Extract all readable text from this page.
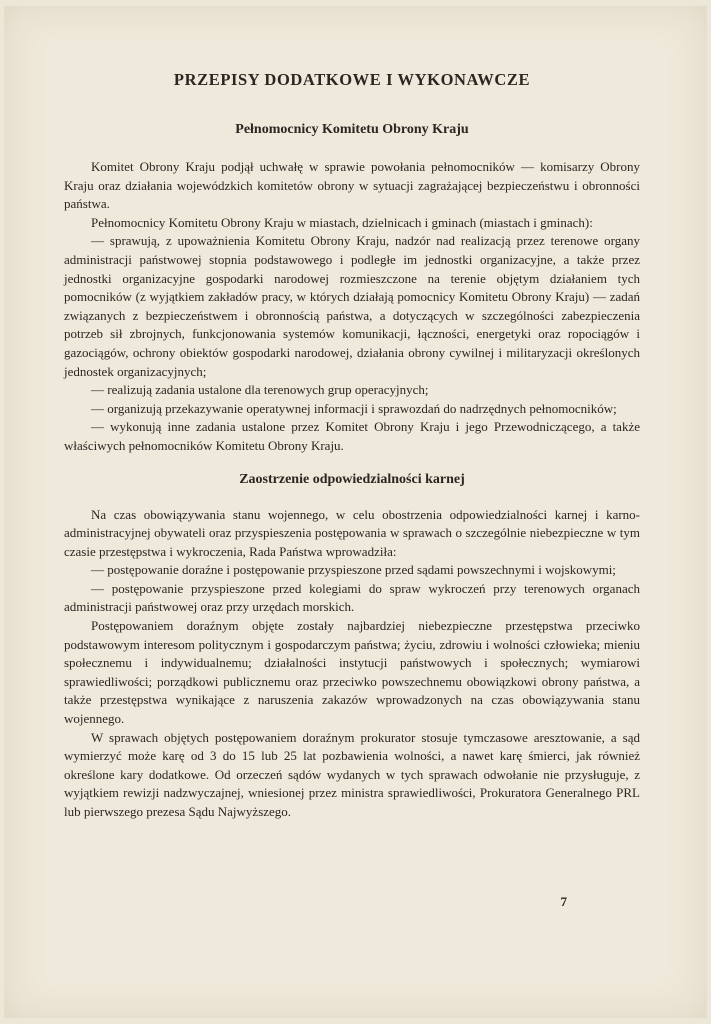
PRZEPISY DODATKOWE I WYKONAWCZE
Pełnomocnicy Komitetu Obrony Kraju

Komitet Obrony Kraju podjął uchwałę w sprawie powołania pełnomocników — komisarzy Obrony Kraju oraz działania wojewódzkich komitetów obrony w sytuacji zagrażającej bezpieczeństwu i obronności państwa.

Pełnomocnicy Komitetu Obrony Kraju w miastach, dzielnicach i gminach (miastach i gminach):

— sprawują, z upoważnienia Komitetu Obrony Kraju, nadzór nad realizacją przez terenowe organy administracji państwowej stopnia podstawowego i podległe im jednostki organizacyjne, a także przez jednostki organizacyjne gospodarki narodowej rozmieszczone na terenie objętym działaniem tych pomocników (z wyjątkiem zakładów pracy, w których działają pomocnicy Komitetu Obrony Kraju) — zadań związanych z bezpieczeństwem i obronnością państwa, a dotyczących w szczególności zabezpieczenia potrzeb sił zbrojnych, funkcjonowania systemów komunikacji, łączności, energetyki oraz ropociągów i gazociągów, ochrony obiektów gospodarki narodowej, działania obrony cywilnej i militaryzacji określonych jednostek organizacyjnych;

— realizują zadania ustalone dla terenowych grup operacyjnych;

— organizują przekazywanie operatywnej informacji i sprawozdań do nadrzędnych pełnomocników;

— wykonują inne zadania ustalone przez Komitet Obrony Kraju i jego Przewodniczącego, a także właściwych pełnomocników Komitetu Obrony Kraju.

Zaostrzenie odpowiedzialności karnej

Na czas obowiązywania stanu wojennego, w celu obostrzenia odpowiedzialności karnej i karno-administracyjnej obywateli oraz przyspieszenia postępowania w sprawach o szczególnie niebezpieczne w tym czasie przestępstwa i wykroczenia, Rada Państwa wprowadziła:

— postępowanie doraźne i postępowanie przyspieszone przed sądami powszechnymi i wojskowymi;

— postępowanie przyspieszone przed kolegiami do spraw wykroczeń przy terenowych organach administracji państwowej oraz przy urzędach morskich.

Postępowaniem doraźnym objęte zostały najbardziej niebezpieczne przestępstwa przeciwko podstawowym interesom politycznym i gospodarczym państwa; życiu, zdrowiu i wolności człowieka; mieniu społecznemu i indywidualnemu; działalności instytucji państwowych i społecznych; wymiarowi sprawiedliwości; porządkowi publicznemu oraz przeciwko powszechnemu obowiązkowi obrony państwa, a także przestępstwa wynikające z naruszenia zakazów wprowadzonych na czas obowiązywania stanu wojennego.

W sprawach objętych postępowaniem doraźnym prokurator stosuje tymczasowe aresztowanie, a sąd wymierzyć może karę od 3 do 15 lub 25 lat pozbawienia wolności, a nawet karę śmierci, jak również określone kary dodatkowe. Od orzeczeń sądów wydanych w tych sprawach odwołanie nie przysługuje, z wyjątkiem rewizji nadzwyczajnej, wniesionej przez ministra sprawiedliwości, Prokuratora Generalnego PRL lub pierwszego prezesa Sądu Najwyższego.

7
